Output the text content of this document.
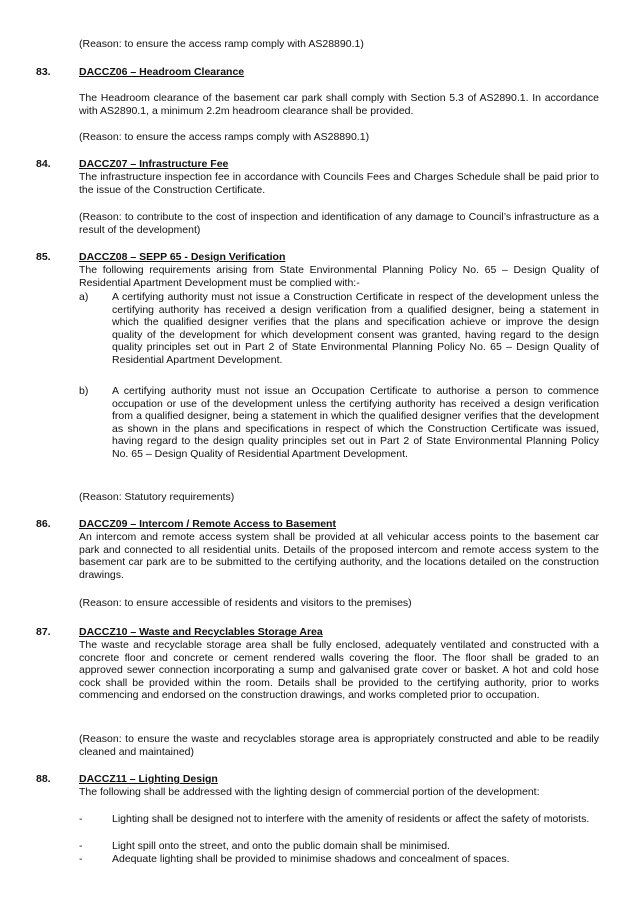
(Reason: to ensure the access ramp comply with AS28890.1)

83.	DACCZ06 – Headroom Clearance

The Headroom clearance of the basement car park shall comply with Section 5.3 of AS2890.1. In accordance with AS2890.1, a minimum 2.2m headroom clearance shall be provided.

(Reason: to ensure the access ramps comply with AS28890.1)

84.	DACCZ07 – Infrastructure Fee

The infrastructure inspection fee in accordance with Councils Fees and Charges Schedule shall be paid prior to the issue of the Construction Certificate.

(Reason: to contribute to the cost of inspection and identification of any damage to Council’s infrastructure as a result of the development)

85.	DACCZ08 – SEPP 65 - Design Verification

The following requirements arising from State Environmental Planning Policy No. 65 – Design Quality of Residential Apartment Development must be complied with:-

a) A certifying authority must not issue a Construction Certificate in respect of the development unless the certifying authority has received a design verification from a qualified designer, being a statement in which the qualified designer verifies that the plans and specification achieve or improve the design quality of the development for which development consent was granted, having regard to the design quality principles set out in Part 2 of State Environmental Planning Policy No. 65 – Design Quality of Residential Apartment Development.

b) A certifying authority must not issue an Occupation Certificate to authorise a person to commence occupation or use of the development unless the certifying authority has received a design verification from a qualified designer, being a statement in which the qualified designer verifies that the development as shown in the plans and specifications in respect of which the Construction Certificate was issued, having regard to the design quality principles set out in Part 2 of State Environmental Planning Policy No. 65 – Design Quality of Residential Apartment Development.

(Reason: Statutory requirements)

86.	DACCZ09 – Intercom / Remote Access to Basement

An intercom and remote access system shall be provided at all vehicular access points to the basement car park and connected to all residential units. Details of the proposed intercom and remote access system to the basement car park are to be submitted to the certifying authority, and the locations detailed on the construction drawings.

(Reason: to ensure accessible of residents and visitors to the premises)

87.	DACCZ10 – Waste and Recyclables Storage Area

The waste and recyclable storage area shall be fully enclosed, adequately ventilated and constructed with a concrete floor and concrete or cement rendered walls covering the floor. The floor shall be graded to an approved sewer connection incorporating a sump and galvanised grate cover or basket. A hot and cold hose cock shall be provided within the room. Details shall be provided to the certifying authority, prior to works commencing and endorsed on the construction drawings, and works completed prior to occupation.

(Reason: to ensure the waste and recyclables storage area is appropriately constructed and able to be readily cleaned and maintained)

88.	DACCZ11 – Lighting Design

The following shall be addressed with the lighting design of commercial portion of the development:

-	Lighting shall be designed not to interfere with the amenity of residents or affect the safety of motorists.

-	Light spill onto the street, and onto the public domain shall be minimised.

-	Adequate lighting shall be provided to minimise shadows and concealment of spaces.
